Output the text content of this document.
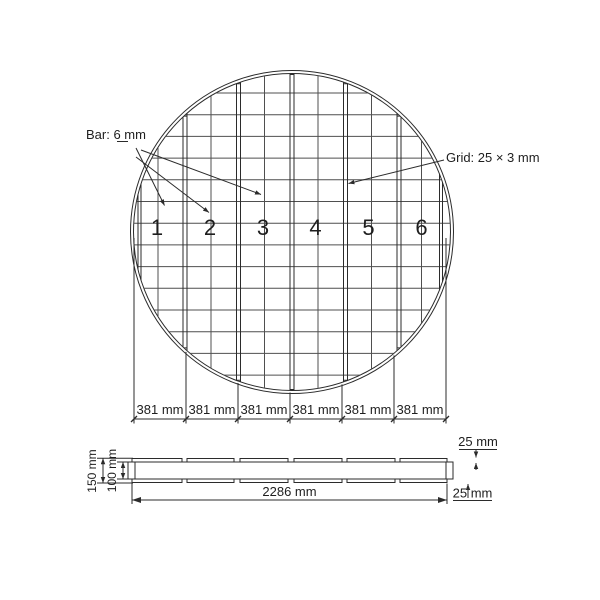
1 2 3 4 5 6
Bar: 6 mm
Grid: 25 × 3 mm
381 mm 381 mm 381 mm 381 mm 381 mm 381 mm
2286 mm
150 mm 100 mm
25 mm
25 mm
